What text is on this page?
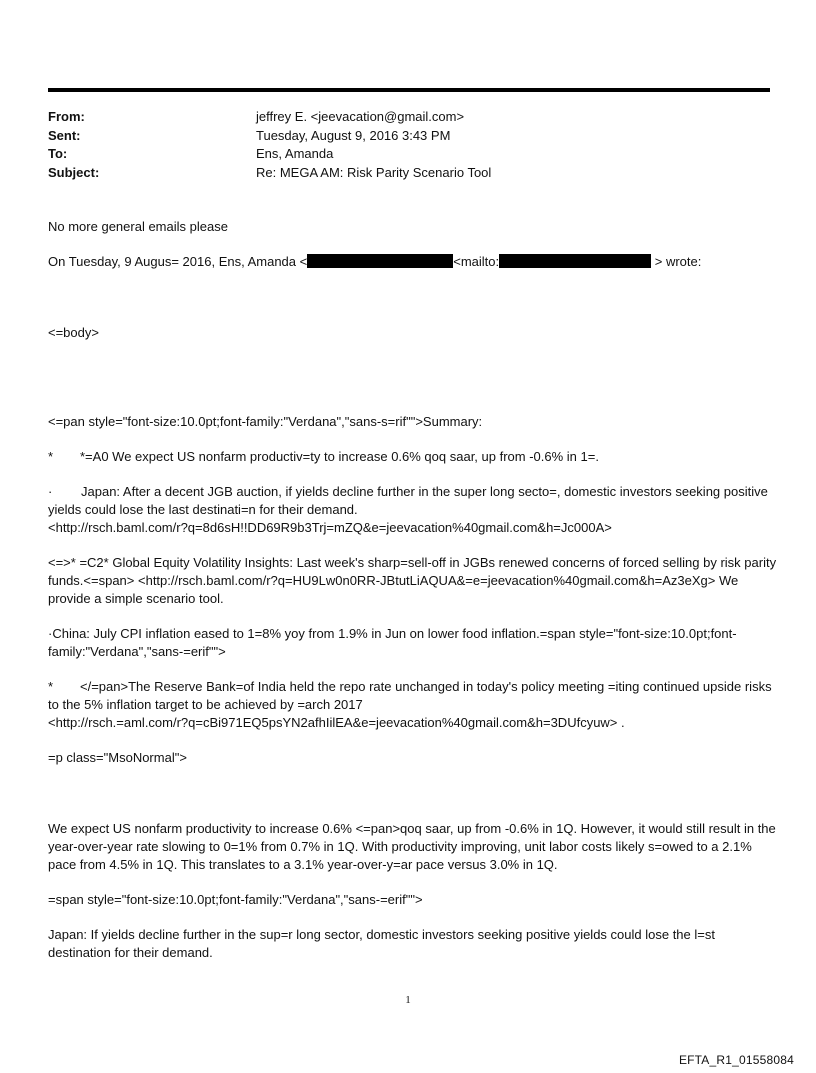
From:	jeffrey E. <jeevacation@gmail.com>
Sent:	Tuesday, August 9, 2016 3:43 PM
To:	Ens, Amanda
Subject:	Re: MEGA AM: Risk Parity Scenario Tool

No more general emails please

On Tuesday, 9 Augus= 2016, Ens, Amanda <	<mailto:	> wrote:

<=body>

<=pan style="font-size:10.0pt;font-family:"Verdana","sans-s=rif"">Summary:

* *=A0 We expect US nonfarm productiv=ty to increase 0.6% qoq saar, up from -0.6% in 1=.

· Japan: After a decent JGB auction, if yields decline further in the super long secto=, domestic investors seeking positive yields could lose the last destinati=n for their demand.
<http://rsch.baml.com/r?q=8d6sH!!DD69R9b3Trj=mZQ&e=jeevacation%40gmail.com&h=Jc000A>

<=>* =C2* Global Equity Volatility Insights: Last week's sharp=sell-off in JGBs renewed concerns of forced selling by risk parity funds.<=span> <http://rsch.baml.com/r?q=HU9Lw0n0RR-JBtutLiAQUA&=e=jeevacation%40gmail.com&h=Az3eXg> We provide a simple scenario tool.

·China: July CPI inflation eased to 1=8% yoy from 1.9% in Jun on lower food inflation.=span style="font-size:10.0pt;font-family:"Verdana","sans-=erif"">

* </=pan>The Reserve Bank=of India held the repo rate unchanged in today's policy meeting =iting continued upside risks to the 5% inflation target to be achieved by =arch 2017
<http://rsch.=aml.com/r?q=cBi971EQ5psYN2afhIilEA&e=jeevacation%40gmail.com&h=3DUfcyuw> .

=p class="MsoNormal">

We expect US nonfarm productivity to increase 0.6% <=pan>qoq saar, up from -0.6% in 1Q. However, it would still result in the year-over-year rate slowing to 0=1% from 0.7% in 1Q. With productivity improving, unit labor costs likely s=owed to a 2.1% pace from 4.5% in 1Q. This translates to a 3.1% year-over-y=ar pace versus 3.0% in 1Q.

=span style="font-size:10.0pt;font-family:"Verdana","sans-=erif"">

Japan: If yields decline further in the sup=r long sector, domestic investors seeking positive yields could lose the l=st destination for their demand.

1
EFTA_R1_01558084
